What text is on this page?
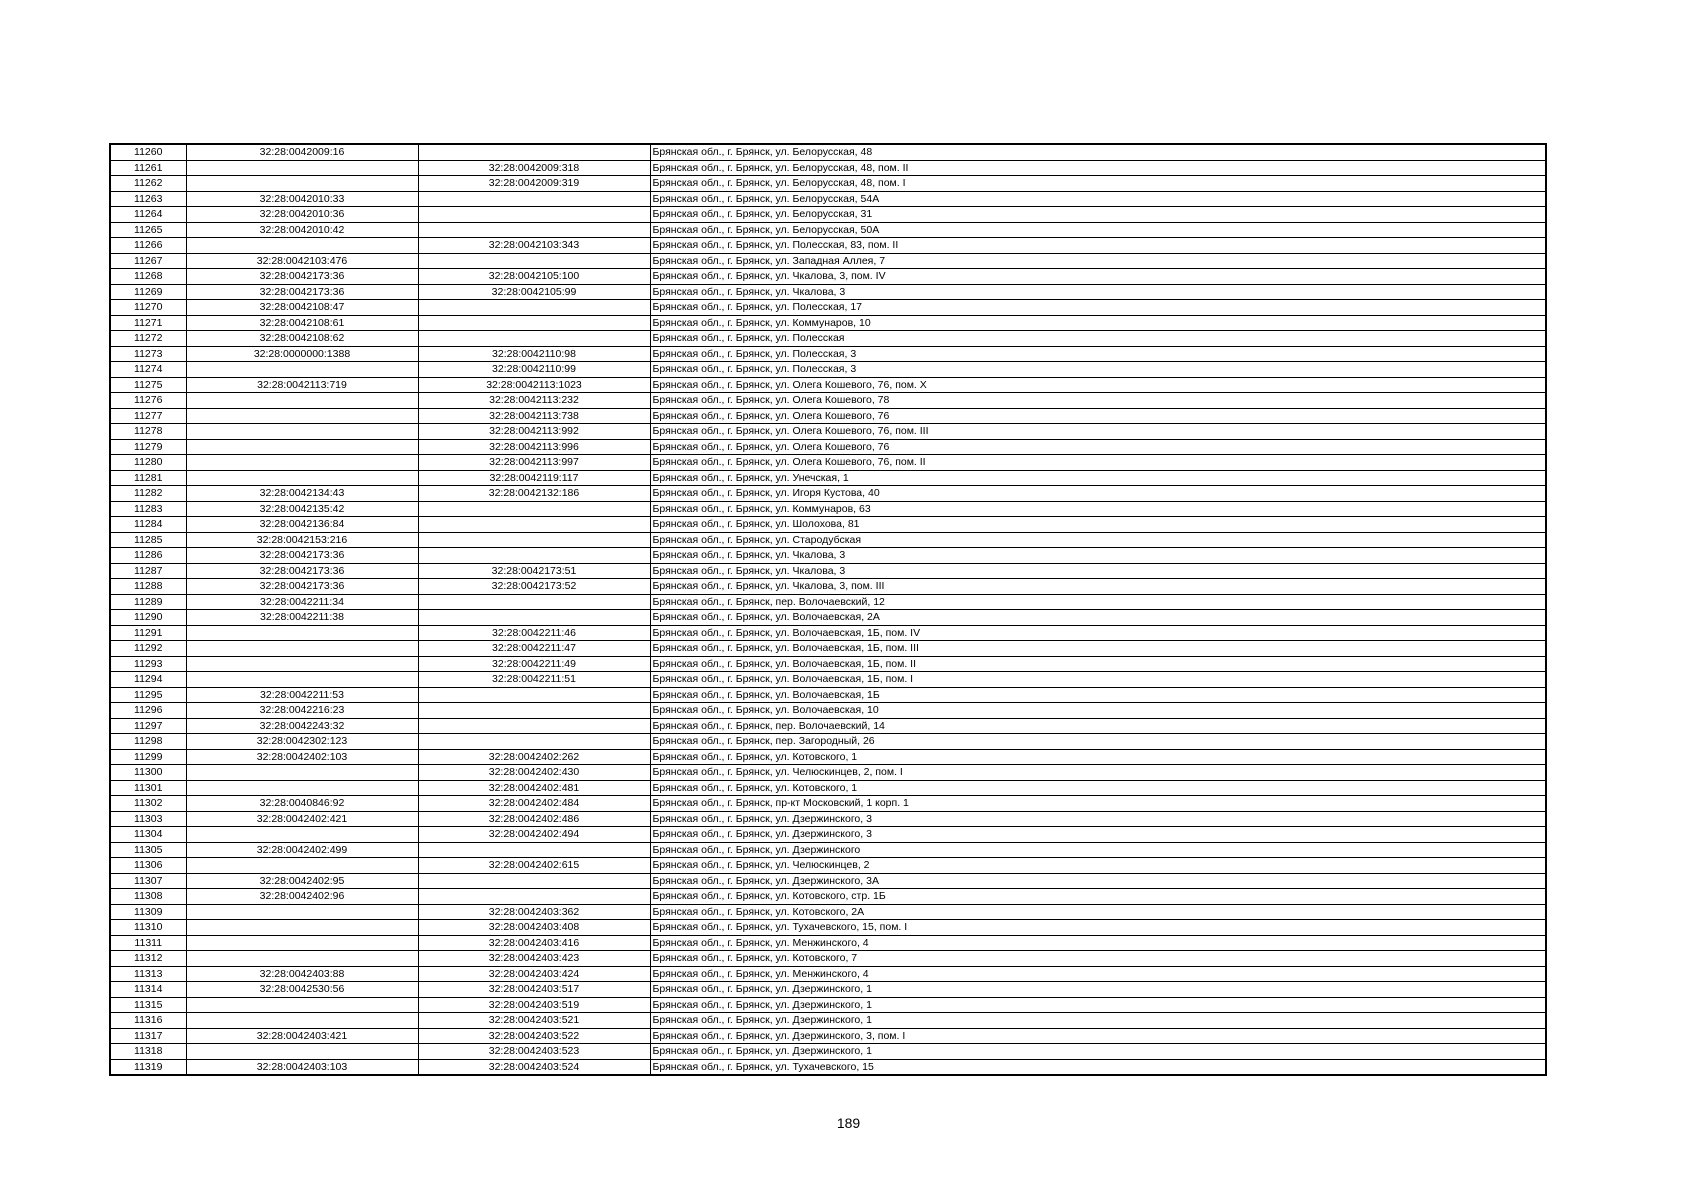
11260	32:28:0042009:16		Брянская обл., г. Брянск, ул. Белорусская, 48
11261		32:28:0042009:318	Брянская обл., г. Брянск, ул. Белорусская, 48, пом. II
11262		32:28:0042009:319	Брянская обл., г. Брянск, ул. Белорусская, 48, пом. I
11263	32:28:0042010:33		Брянская обл., г. Брянск, ул. Белорусская, 54А
11264	32:28:0042010:36		Брянская обл., г. Брянск, ул. Белорусская, 31
11265	32:28:0042010:42		Брянская обл., г. Брянск, ул. Белорусская, 50А
11266		32:28:0042103:343	Брянская обл., г. Брянск, ул. Полесская, 83, пом. II
11267	32:28:0042103:476		Брянская обл., г. Брянск, ул. Западная Аллея, 7
11268	32:28:0042173:36	32:28:0042105:100	Брянская обл., г. Брянск, ул. Чкалова, 3, пом. IV
11269	32:28:0042173:36	32:28:0042105:99	Брянская обл., г. Брянск, ул. Чкалова, 3
11270	32:28:0042108:47		Брянская обл., г. Брянск, ул. Полесская, 17
11271	32:28:0042108:61		Брянская обл., г. Брянск, ул. Коммунаров, 10
11272	32:28:0042108:62		Брянская обл., г. Брянск, ул. Полесская
11273	32:28:0000000:1388	32:28:0042110:98	Брянская обл., г. Брянск, ул. Полесская, 3
11274		32:28:0042110:99	Брянская обл., г. Брянск, ул. Полесская, 3
11275	32:28:0042113:719	32:28:0042113:1023	Брянская обл., г. Брянск, ул. Олега Кошевого, 76, пом. X
11276		32:28:0042113:232	Брянская обл., г. Брянск, ул. Олега Кошевого, 78
11277		32:28:0042113:738	Брянская обл., г. Брянск, ул. Олега Кошевого, 76
11278		32:28:0042113:992	Брянская обл., г. Брянск, ул. Олега Кошевого, 76, пом. III
11279		32:28:0042113:996	Брянская обл., г. Брянск, ул. Олега Кошевого, 76
11280		32:28:0042113:997	Брянская обл., г. Брянск, ул. Олега Кошевого, 76, пом. II
11281		32:28:0042119:117	Брянская обл., г. Брянск, ул. Унечская, 1
11282	32:28:0042134:43	32:28:0042132:186	Брянская обл., г. Брянск, ул. Игоря Кустова, 40
11283	32:28:0042135:42		Брянская обл., г. Брянск, ул. Коммунаров, 63
11284	32:28:0042136:84		Брянская обл., г. Брянск, ул. Шолохова, 81
11285	32:28:0042153:216		Брянская обл., г. Брянск, ул. Стародубская
11286	32:28:0042173:36		Брянская обл., г. Брянск, ул. Чкалова, 3
11287	32:28:0042173:36	32:28:0042173:51	Брянская обл., г. Брянск, ул. Чкалова, 3
11288	32:28:0042173:36	32:28:0042173:52	Брянская обл., г. Брянск, ул. Чкалова, 3, пом. III
11289	32:28:0042211:34		Брянская обл., г. Брянск, пер. Волочаевский, 12
11290	32:28:0042211:38		Брянская обл., г. Брянск, ул. Волочаевская, 2А
11291		32:28:0042211:46	Брянская обл., г. Брянск, ул. Волочаевская, 1Б, пом. IV
11292		32:28:0042211:47	Брянская обл., г. Брянск, ул. Волочаевская, 1Б, пом. III
11293		32:28:0042211:49	Брянская обл., г. Брянск, ул. Волочаевская, 1Б, пом. II
11294		32:28:0042211:51	Брянская обл., г. Брянск, ул. Волочаевская, 1Б, пом. I
11295	32:28:0042211:53		Брянская обл., г. Брянск, ул. Волочаевская, 1Б
11296	32:28:0042216:23		Брянская обл., г. Брянск, ул. Волочаевская, 10
11297	32:28:0042243:32		Брянская обл., г. Брянск, пер. Волочаевский, 14
11298	32:28:0042302:123		Брянская обл., г. Брянск, пер. Загородный, 26
11299	32:28:0042402:103	32:28:0042402:262	Брянская обл., г. Брянск, ул. Котовского, 1
11300		32:28:0042402:430	Брянская обл., г. Брянск, ул. Челюскинцев, 2, пом. I
11301		32:28:0042402:481	Брянская обл., г. Брянск, ул. Котовского, 1
11302	32:28:0040846:92	32:28:0042402:484	Брянская обл., г. Брянск, пр-кт Московский, 1 корп. 1
11303	32:28:0042402:421	32:28:0042402:486	Брянская обл., г. Брянск, ул. Дзержинского, 3
11304		32:28:0042402:494	Брянская обл., г. Брянск, ул. Дзержинского, 3
11305	32:28:0042402:499		Брянская обл., г. Брянск, ул. Дзержинского
11306		32:28:0042402:615	Брянская обл., г. Брянск, ул. Челюскинцев, 2
11307	32:28:0042402:95		Брянская обл., г. Брянск, ул. Дзержинского, 3А
11308	32:28:0042402:96		Брянская обл., г. Брянск, ул. Котовского, стр. 1Б
11309		32:28:0042403:362	Брянская обл., г. Брянск, ул. Котовского, 2А
11310		32:28:0042403:408	Брянская обл., г. Брянск, ул. Тухачевского, 15, пом. I
11311		32:28:0042403:416	Брянская обл., г. Брянск, ул. Менжинского, 4
11312		32:28:0042403:423	Брянская обл., г. Брянск, ул. Котовского, 7
11313	32:28:0042403:88	32:28:0042403:424	Брянская обл., г. Брянск, ул. Менжинского, 4
11314	32:28:0042530:56	32:28:0042403:517	Брянская обл., г. Брянск, ул. Дзержинского, 1
11315		32:28:0042403:519	Брянская обл., г. Брянск, ул. Дзержинского, 1
11316		32:28:0042403:521	Брянская обл., г. Брянск, ул. Дзержинского, 1
11317	32:28:0042403:421	32:28:0042403:522	Брянская обл., г. Брянск, ул. Дзержинского, 3, пом. I
11318		32:28:0042403:523	Брянская обл., г. Брянск, ул. Дзержинского, 1
11319	32:28:0042403:103	32:28:0042403:524	Брянская обл., г. Брянск, ул. Тухачевского, 15
189
